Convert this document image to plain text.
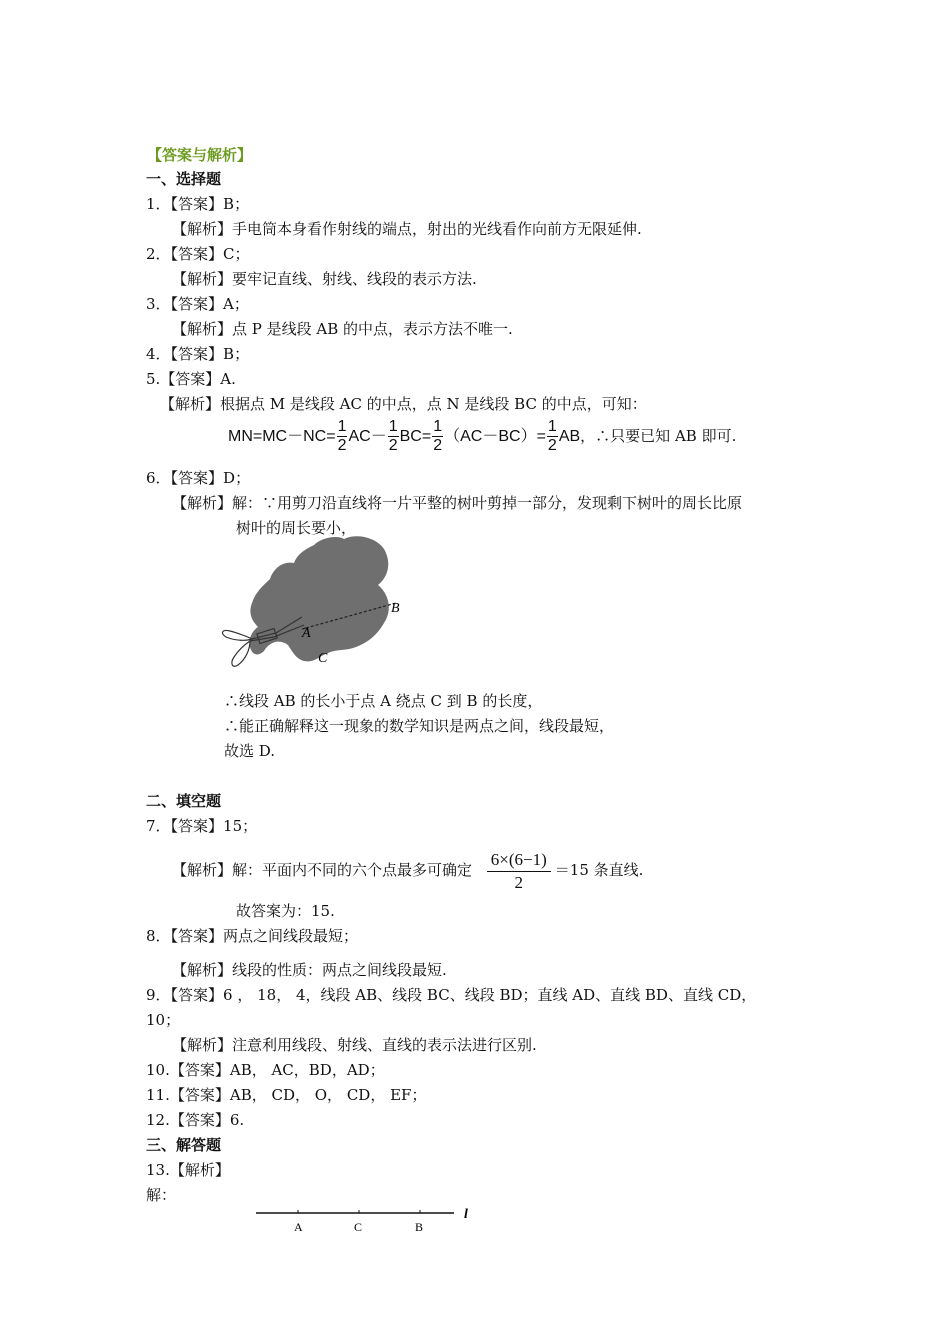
【答案与解析】
一、选择题
1．【答案】B；
【解析】手电筒本身看作射线的端点，射出的光线看作向前方无限延伸.
2．【答案】C；
【解析】要牢记直线、射线、线段的表示方法.
3．【答案】A；
【解析】点 P 是线段 AB 的中点，表示方法不唯一.
4．【答案】B；
5.【答案】A.
【解析】根据点 M 是线段 AC 的中点，点 N 是线段 BC 的中点，可知：
$MN=MC-NC= \frac{1}{2} AC- \frac{1}{2} BC= \frac{1}{2} (AC-BC)= \frac{1}{2}$ AB，∴只要已知 AB 即可.
6．【答案】D；
【解析】解：∵用剪刀沿直线将一片平整的树叶剪掉一部分，发现剩下树叶的周长比原
树叶的周长要小，
A
B
C
∴线段 AB 的长小于点 A 绕点 C 到 B 的长度，
∴能正确解释这一现象的数学知识是两点之间，线段最短，
故选 D.
二、填空题
7．【答案】15；
【解析】解：平面内不同的六个点最多可确定 $\frac{6\times(6-1)}{2} =15$ 条直线.
故答案为：15.
8．【答案】两点之间线段最短；
【解析】线段的性质：两点之间线段最短.
9．【答案】6 ， 18， 4，线段 AB、线段 BC、线段 BD；直线 AD、直线 BD、直线 CD，
10；
【解析】注意利用线段、射线、直线的表示法进行区别.
10.【答案】AB， AC，BD，AD；
11.【答案】AB， CD， O， CD， EF；
12.【答案】6.
三、解答题
13.【解析】
解：
A	C	B
l
